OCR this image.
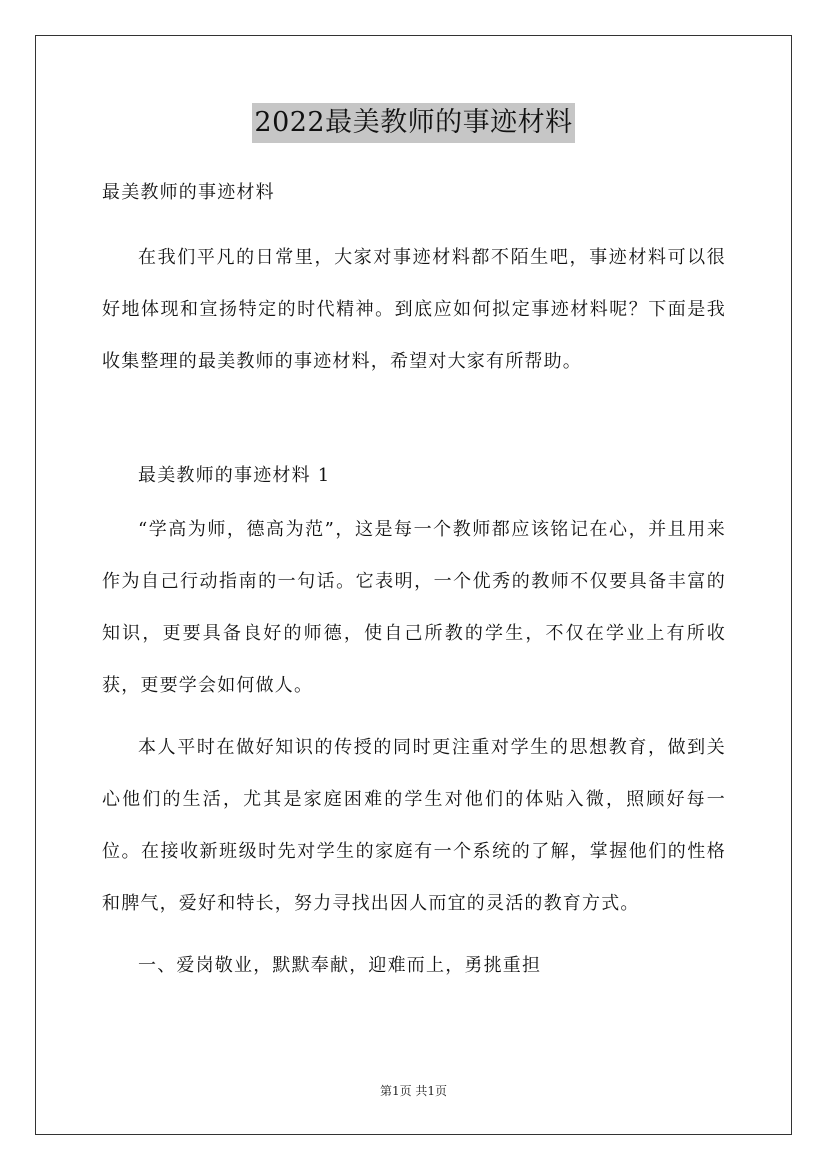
2022最美教师的事迹材料

最美教师的事迹材料

在我们平凡的日常里，大家对事迹材料都不陌生吧，事迹材料可以很好地体现和宣扬特定的时代精神。到底应如何拟定事迹材料呢？下面是我收集整理的最美教师的事迹材料，希望对大家有所帮助。

最美教师的事迹材料 1

“学高为师，德高为范”，这是每一个教师都应该铭记在心，并且用来作为自己行动指南的一句话。它表明，一个优秀的教师不仅要具备丰富的知识，更要具备良好的师德，使自己所教的学生，不仅在学业上有所收获，更要学会如何做人。

本人平时在做好知识的传授的同时更注重对学生的思想教育，做到关心他们的生活，尤其是家庭困难的学生对他们的体贴入微，照顾好每一位。在接收新班级时先对学生的家庭有一个系统的了解，掌握他们的性格和脾气，爱好和特长，努力寻找出因人而宜的灵活的教育方式。

一、爱岗敬业，默默奉献，迎难而上，勇挑重担

第1页 共1页
